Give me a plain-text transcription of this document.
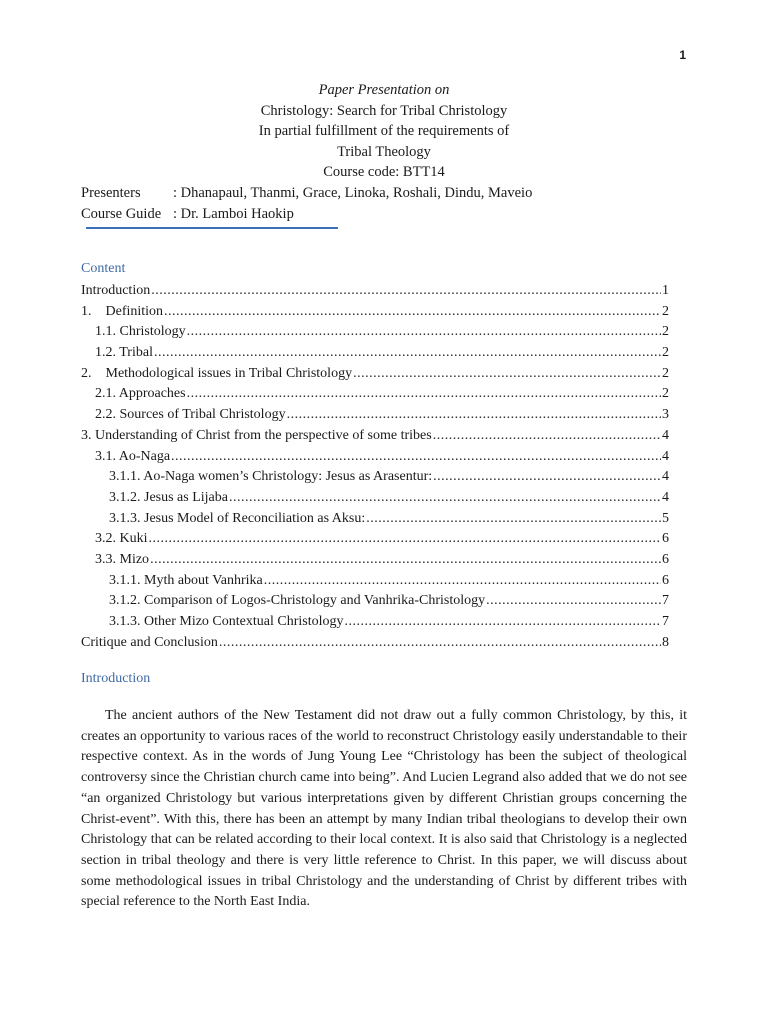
1
Paper Presentation on
Christology: Search for Tribal Christology
In partial fulfillment of the requirements of
Tribal Theology
Course code: BTT14
Presenters	: Dhanapaul, Thanmi, Grace, Linoka, Roshali, Dindu, Maveio
Course Guide : Dr. Lamboi Haokip
Content
Introduction .....	1
1.    Definition .....	2
1.1. Christology .....	2
1.2. Tribal .....	2
2.    Methodological issues in Tribal Christology .....	2
2.1. Approaches .....	2
2.2. Sources of Tribal Christology .....	3
3. Understanding of Christ from the perspective of some tribes .....	4
3.1. Ao-Naga .....	4
3.1.1. Ao-Naga women’s Christology: Jesus as Arasentur: .....	4
3.1.2. Jesus as Lijaba .....	4
3.1.3. Jesus Model of Reconciliation as Aksu: .....	5
3.2. Kuki .....	6
3.3. Mizo .....	6
3.1.1. Myth about Vanhrika .....	6
3.1.2. Comparison of Logos-Christology and Vanhrika-Christology .....	7
3.1.3. Other Mizo Contextual Christology .....	7
Critique and Conclusion .....	8
Introduction

The ancient authors of the New Testament did not draw out a fully common Christology, by this, it creates an opportunity to various races of the world to reconstruct Christology easily understandable to their respective context. As in the words of Jung Young Lee “Christology has been the subject of theological controversy since the Christian church came into being”. And Lucien Legrand also added that we do not see “an organized Christology but various interpretations given by different Christian groups concerning the Christ-event”. With this, there has been an attempt by many Indian tribal theologians to develop their own Christology that can be related according to their local context. It is also said that Christology is a neglected section in tribal theology and there is very little reference to Christ. In this paper, we will discuss about some methodological issues in tribal Christology and the understanding of Christ by different tribes with special reference to the North East India.
